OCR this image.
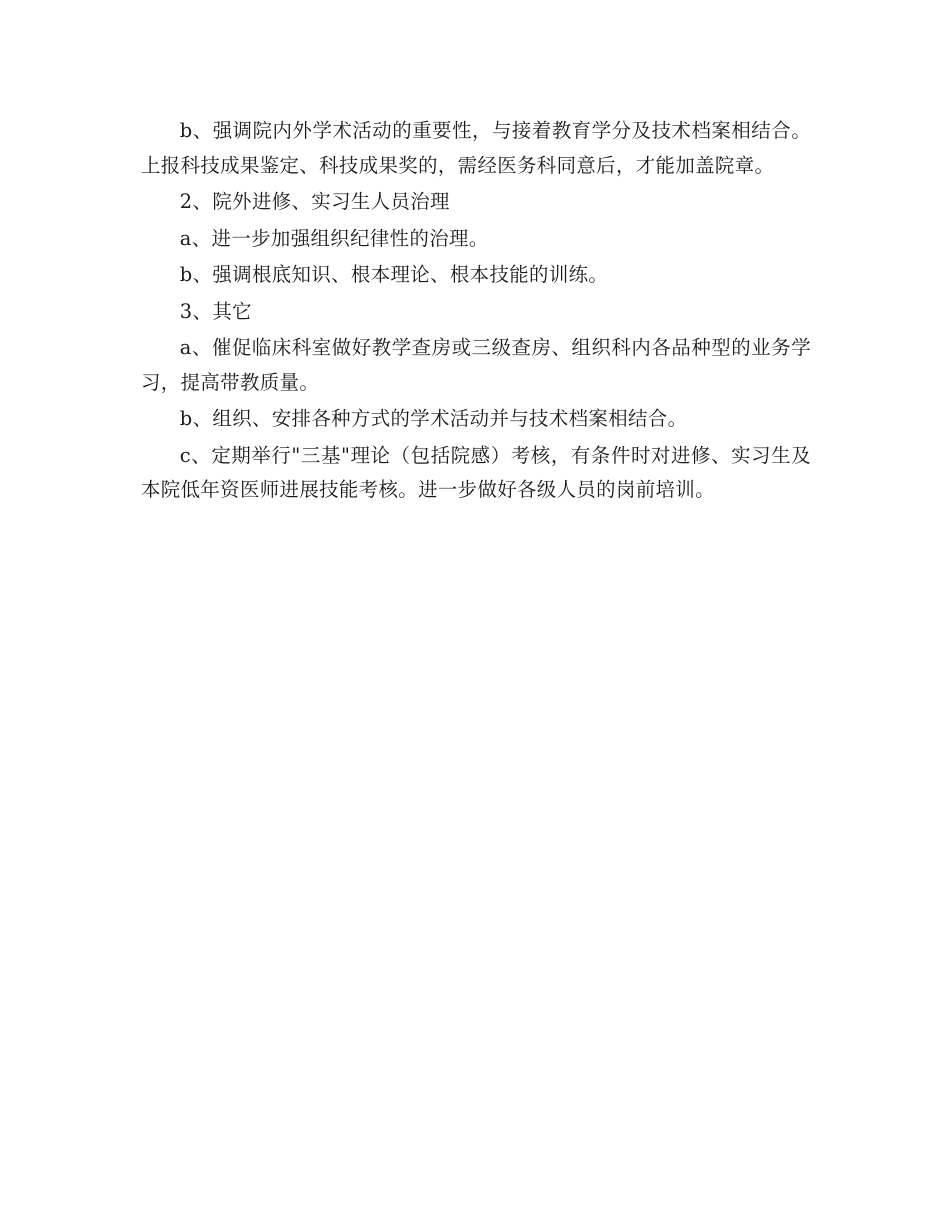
b、强调院内外学术活动的重要性，与接着教育学分及技术档案相结合。上报科技成果鉴定、科技成果奖的，需经医务科同意后，才能加盖院章。

2、院外进修、实习生人员治理

a、进一步加强组织纪律性的治理。

b、强调根底知识、根本理论、根本技能的训练。

3、其它

a、催促临床科室做好教学查房或三级查房、组织科内各品种型的业务学习，提高带教质量。

b、组织、安排各种方式的学术活动并与技术档案相结合。

c、定期举行"三基"理论（包括院感）考核，有条件时对进修、实习生及本院低年资医师进展技能考核。进一步做好各级人员的岗前培训。
